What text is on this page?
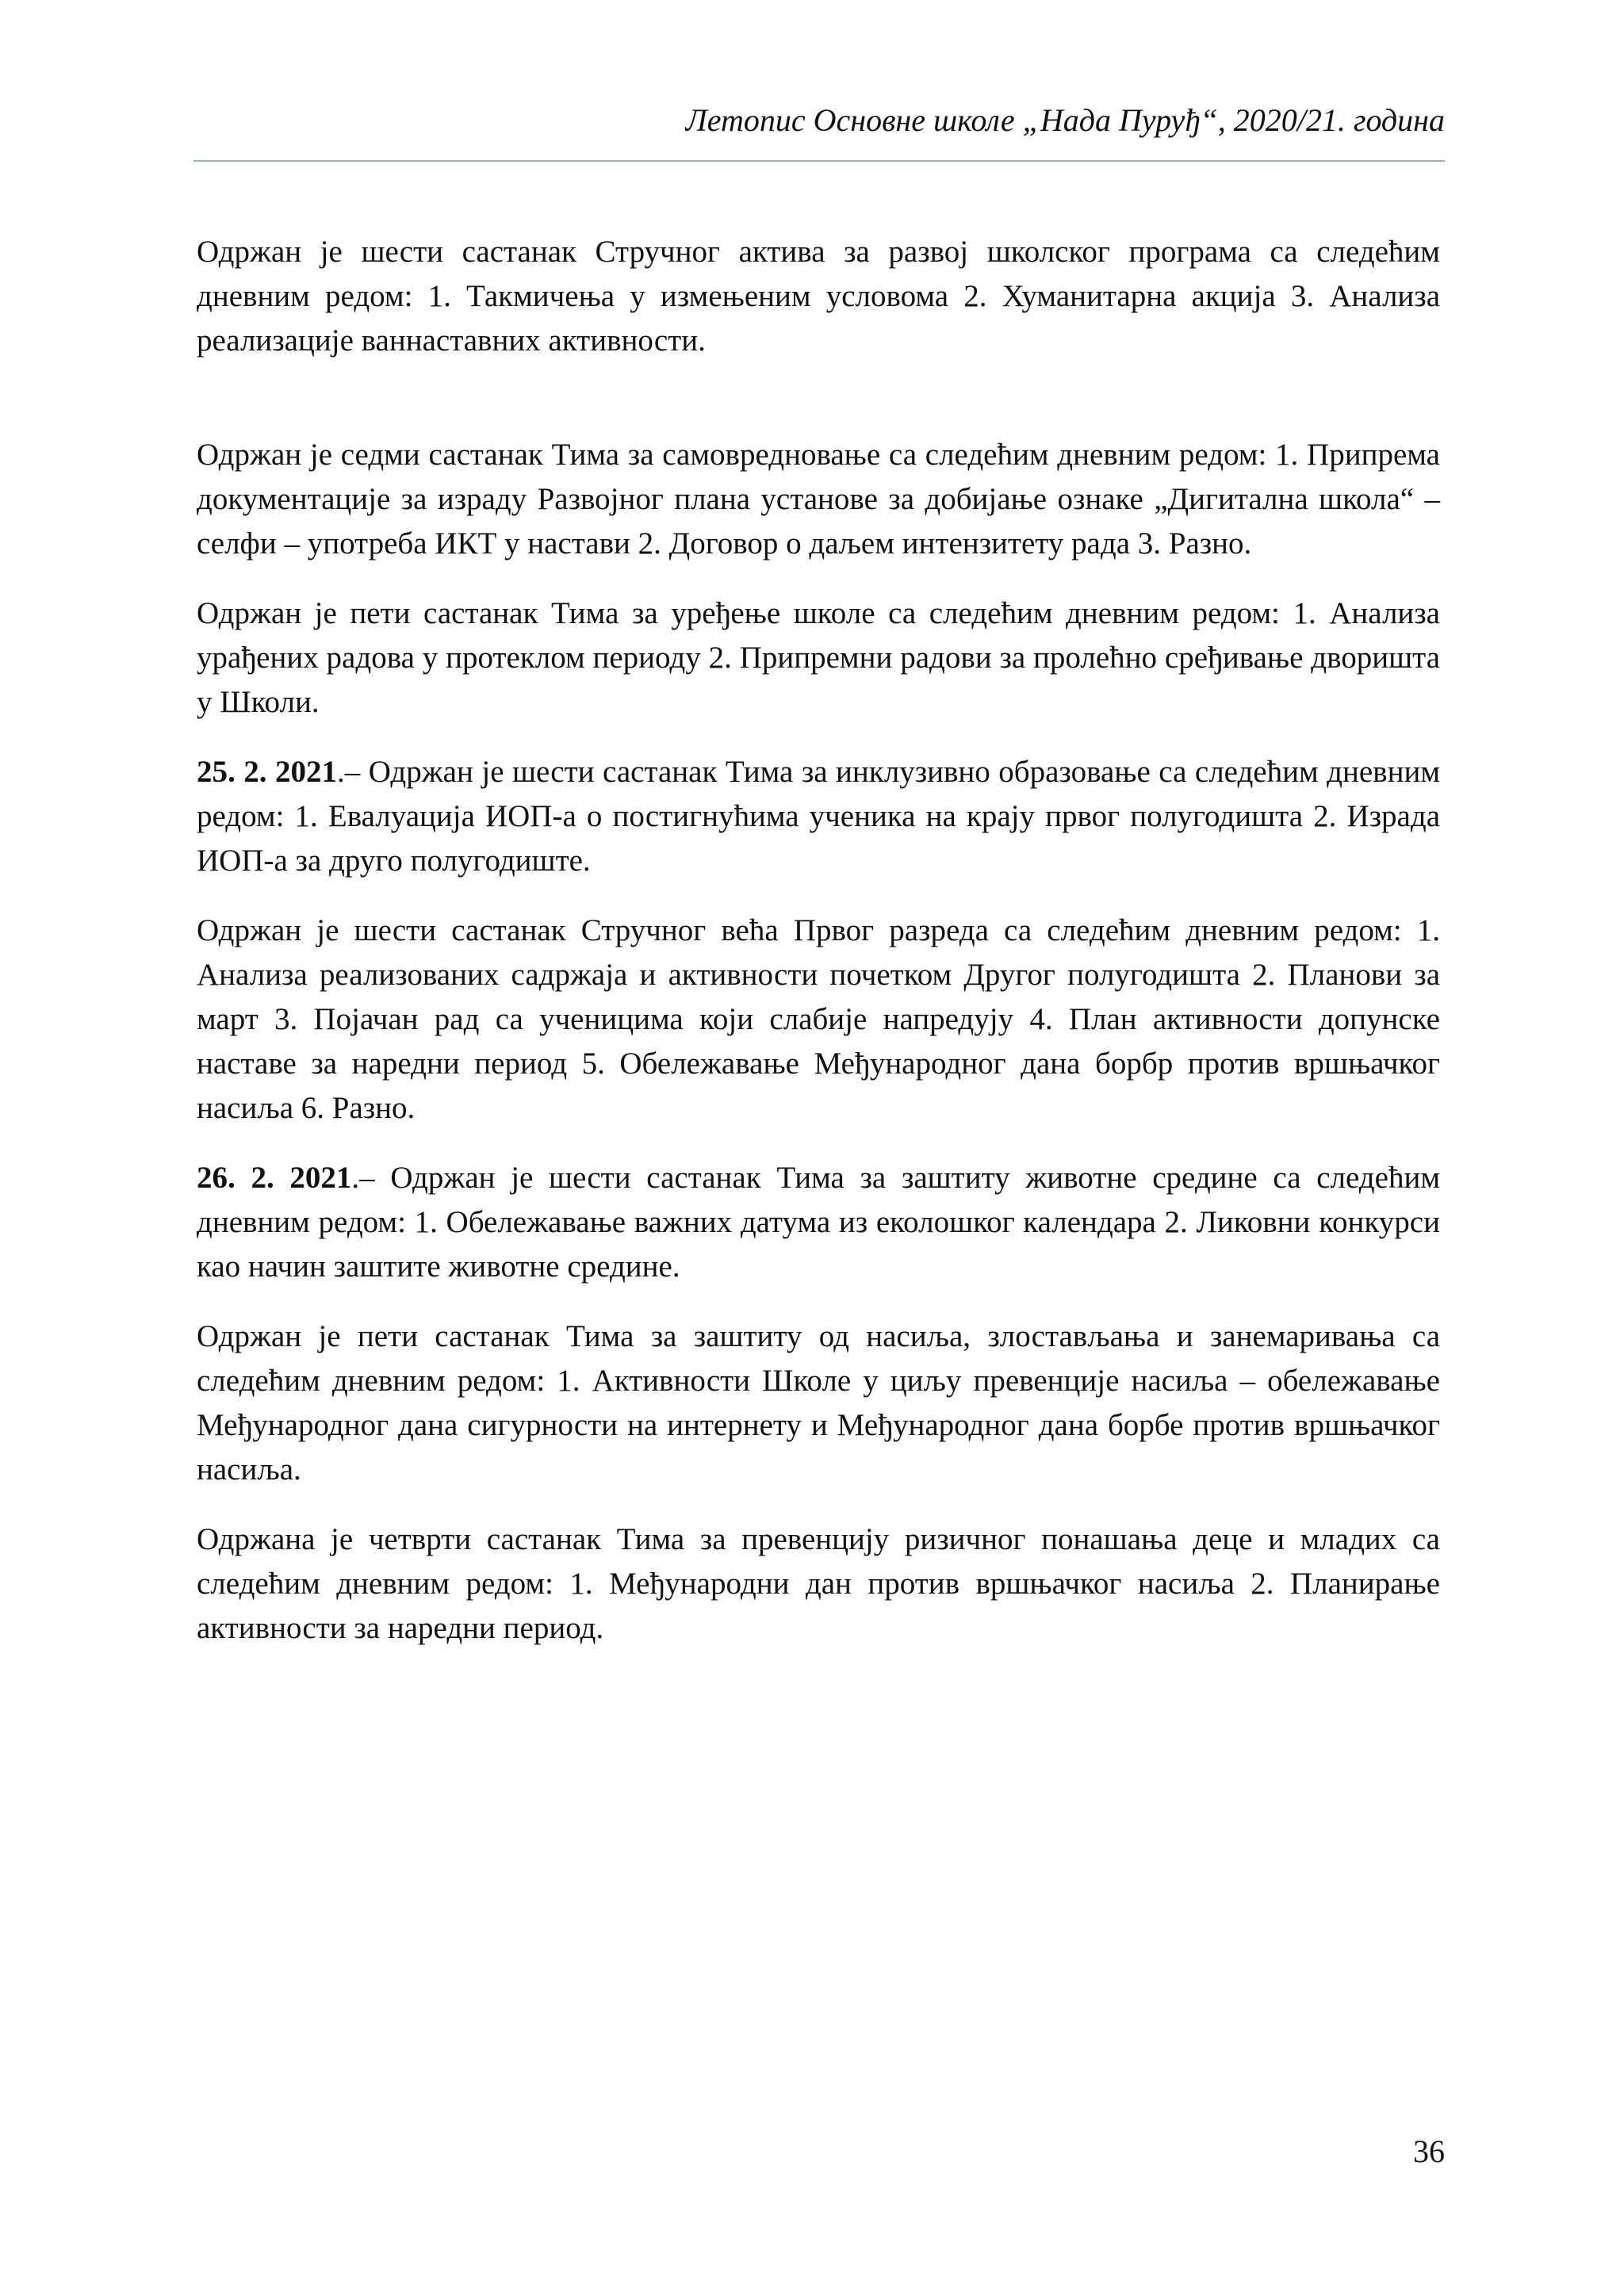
Летопис Основне школе „Нада Пуруђ“, 2020/21. година

Одржан је шести састанак Стручног актива за развој школског програма са следећим дневним редом: 1. Такмичења у измењеним условома 2. Хуманитарна акција 3. Анализа реализације ваннаставних активности.

Одржан је седми састанак Тима за самовредновање са следећим дневним редом: 1. Припрема документације за израду Развојног плана установе за добијање ознаке „Дигитална школа“ – селфи – употреба ИКТ у настави 2. Договор о даљем интензитету рада 3. Разно.

Одржан је пети састанак Тима за уређење школе са следећим дневним редом: 1. Анализа урађених радова у протеклом периоду 2. Припремни радови за пролећно сређивање дворишта у Школи.

25. 2. 2021.– Одржан је шести састанак Тима за инклузивно образовање са следећим дневним редом: 1. Евалуација ИОП-а о постигнућима ученика на крају првог полугодишта 2. Израда ИОП-а за друго полугодиште.

Одржан је шести састанак Стручног већа Првог разреда са следећим дневним редом: 1. Анализа реализованих садржаја и активности почетком Другог полугодишта 2. Планови за март 3. Појачан рад са ученицима који слабије напредују 4. План активности допунске наставе за наредни период 5. Обележавање Међународног дана борбр против вршњачког насиља 6. Разно.

26. 2. 2021.– Одржан је шести састанак Тима за заштиту животне средине са следећим дневним редом: 1. Обележавање важних датума из еколошког календара 2. Ликовни конкурси као начин заштите животне средине.

Одржан је пети састанак Тима за заштиту од насиља, злостављања и занемаривања са следећим дневним редом: 1. Активности Школе у циљу превенције насиља – обележавање Међународног дана сигурности на интернету и Међународног дана борбе против вршњачког насиља.

Одржана је четврти састанак Тима за превенцију ризичног понашања деце и младих са следећим дневним редом: 1. Међународни дан против вршњачког насиља 2. Планирање активности за наредни период.

36
